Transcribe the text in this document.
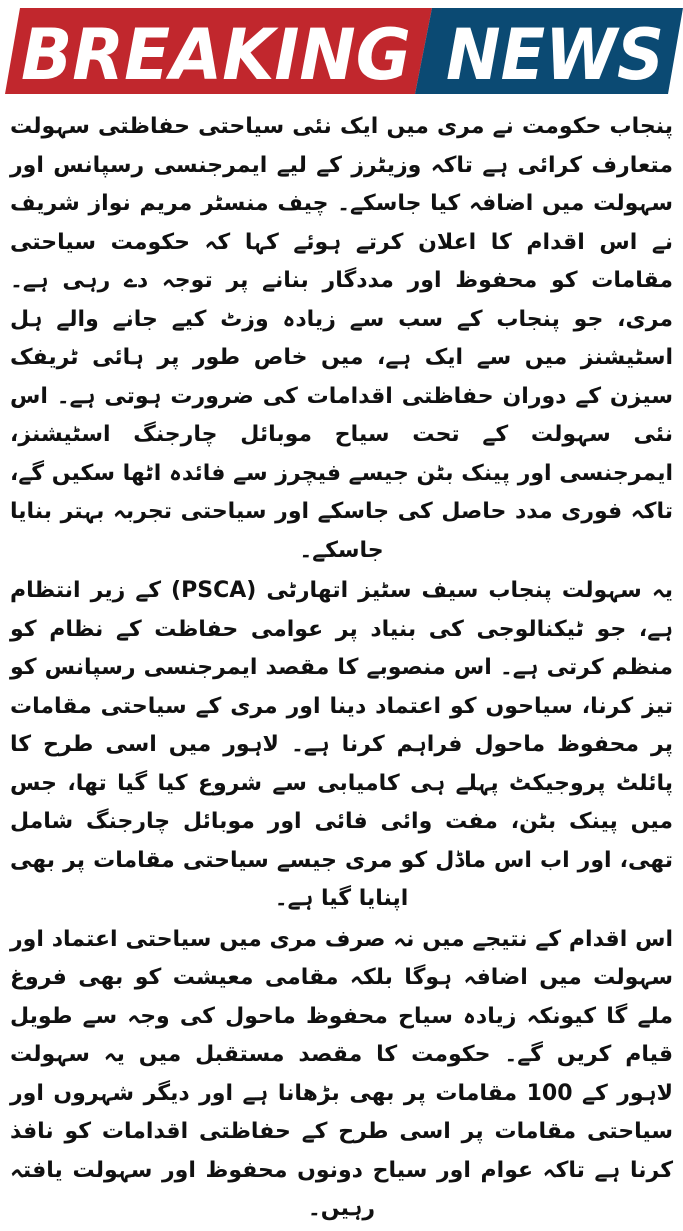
BREAKING NEWS

پنجاب حکومت نے مری میں ایک نئی سیاحتی حفاظتی سہولت متعارف کرائی ہے تاکہ وزیٹرز کے لیے ایمرجنسی رسپانس اور سہولت میں اضافہ کیا جاسکے۔ چیف منسٹر مریم نواز شریف نے اس اقدام کا اعلان کرتے ہوئے کہا کہ حکومت سیاحتی مقامات کو محفوظ اور مددگار بنانے پر توجہ دے رہی ہے۔ مری، جو پنجاب کے سب سے زیادہ وزٹ کیے جانے والے ہل اسٹیشنز میں سے ایک ہے، میں خاص طور پر ہائی ٹریفک سیزن کے دوران حفاظتی اقدامات کی ضرورت ہوتی ہے۔ اس نئی سہولت کے تحت سیاح موبائل چارجنگ اسٹیشنز، ایمرجنسی اور پینک بٹن جیسے فیچرز سے فائدہ اٹھا سکیں گے، تاکہ فوری مدد حاصل کی جاسکے اور سیاحتی تجربہ بہتر بنایا جاسکے۔

یہ سہولت پنجاب سیف سٹیز اتھارٹی (PSCA) کے زیر انتظام ہے، جو ٹیکنالوجی کی بنیاد پر عوامی حفاظت کے نظام کو منظم کرتی ہے۔ اس منصوبے کا مقصد ایمرجنسی رسپانس کو تیز کرنا، سیاحوں کو اعتماد دینا اور مری کے سیاحتی مقامات پر محفوظ ماحول فراہم کرنا ہے۔ لاہور میں اسی طرح کا پائلٹ پروجیکٹ پہلے ہی کامیابی سے شروع کیا گیا تھا، جس میں پینک بٹن، مفت وائی فائی اور موبائل چارجنگ شامل تھی، اور اب اس ماڈل کو مری جیسے سیاحتی مقامات پر بھی اپنایا گیا ہے۔

اس اقدام کے نتیجے میں نہ صرف مری میں سیاحتی اعتماد اور سہولت میں اضافہ ہوگا بلکہ مقامی معیشت کو بھی فروغ ملے گا کیونکہ زیادہ سیاح محفوظ ماحول کی وجہ سے طویل قیام کریں گے۔ حکومت کا مقصد مستقبل میں یہ سہولت لاہور کے 100 مقامات پر بھی بڑھانا ہے اور دیگر شہروں اور سیاحتی مقامات پر اسی طرح کے حفاظتی اقدامات کو نافذ کرنا ہے تاکہ عوام اور سیاح دونوں محفوظ اور سہولت یافتہ رہیں۔
